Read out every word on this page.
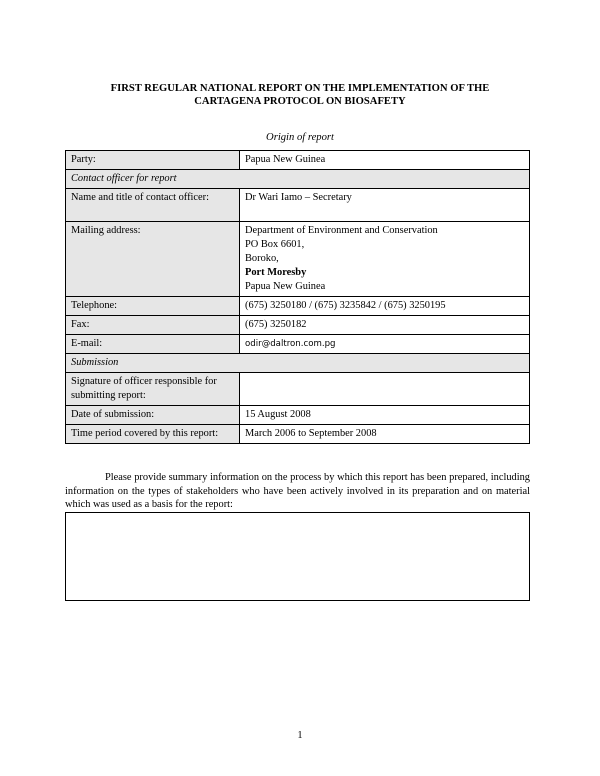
FIRST REGULAR NATIONAL REPORT ON THE IMPLEMENTATION OF THE
CARTAGENA PROTOCOL ON BIOSAFETY
Origin of report
Party:	Papua New Guinea
Contact officer for report	
Name and title of contact officer:	Dr Wari Iamo – Secretary
Mailing address:	Department of Environment and Conservation
PO Box 6601,
Boroko,
Port Moresby
Papua New Guinea

Telephone:	(675) 3250180 / (675) 3235842 / (675) 3250195
Fax:	(675) 3250182
E-mail:	odir@daltron.com.pg
Submission	
Signature of officer responsible for submitting report:	
Date of submission:	15 August 2008
Time period covered by this report:	March 2006 to September 2008
Please provide summary information on the process by which this report has been prepared, including information on the types of stakeholders who have been actively involved in its preparation and on material which was used as a basis for the report:
1
